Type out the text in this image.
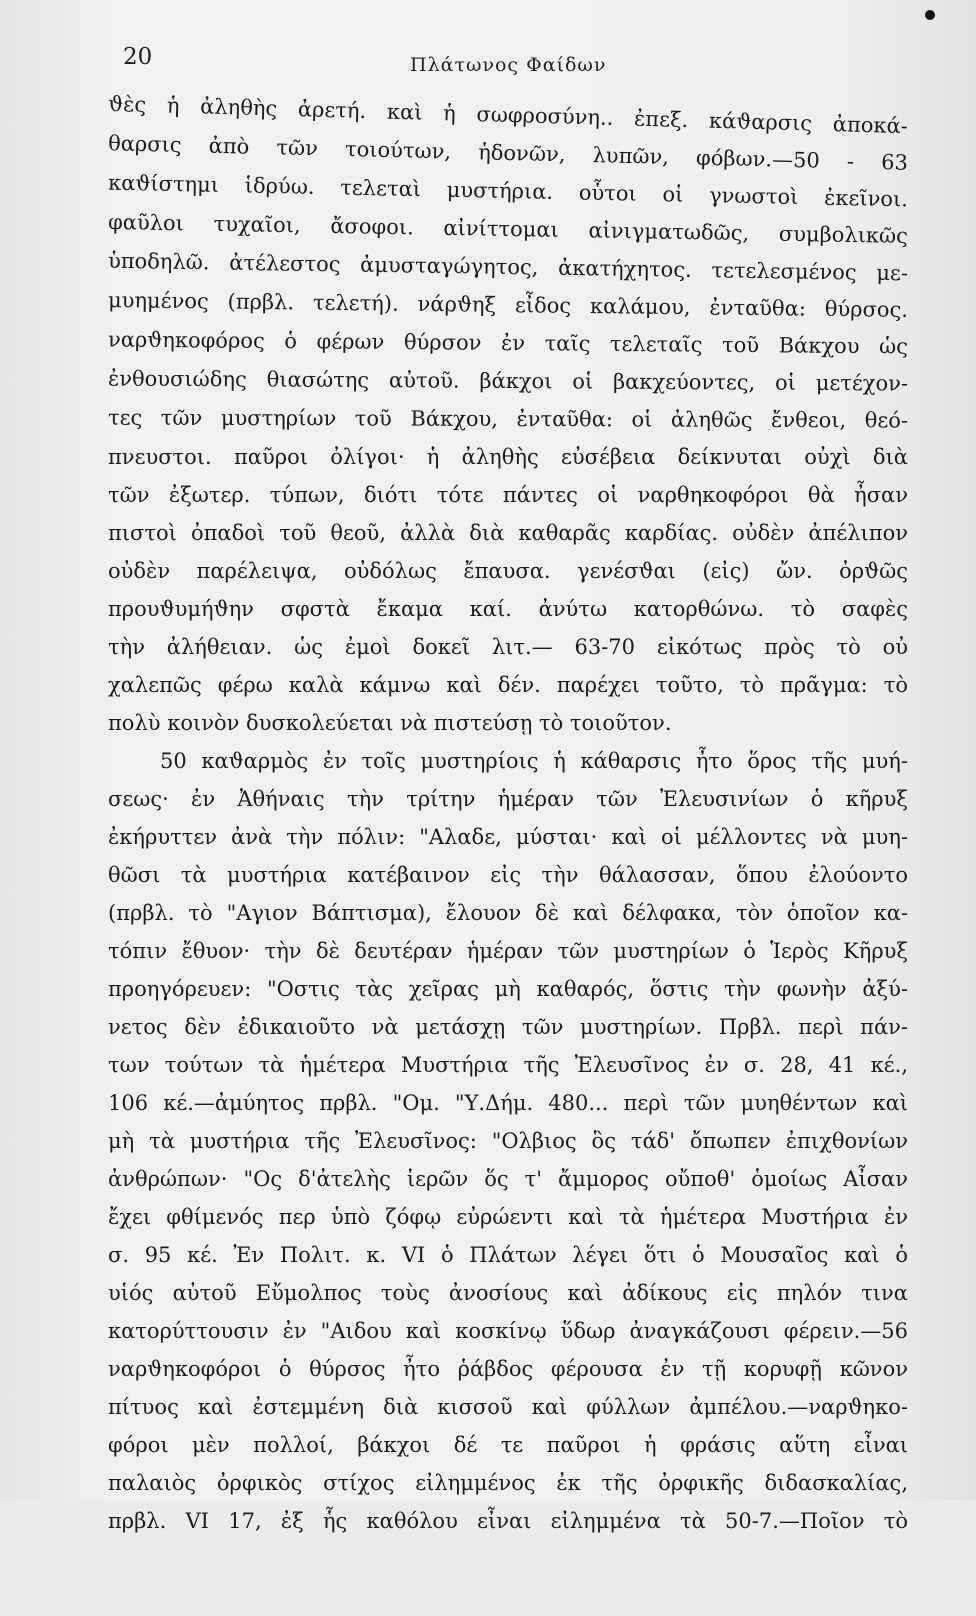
20	Πλάτωνος Φαίδων
ϑὲς ἡ ἀληθὴς ἀρετή. καὶ ἡ σωφροσύνη.. ἐπεξ. κάϑαρσις ἀποκά-
θαρσις ἀπὸ τῶν τοιούτων, ἡδονῶν, λυπῶν, φόβων.—50 - 63
καϑίστημι ἱδρύω. τελεταὶ μυστήρια. οὗτοι οἱ γνωστοὶ ἐκεῖνοι.
φαῦλοι τυχαῖοι, ἄσοφοι. αἰνίττομαι αἰνιγματωδῶς, συμβολικῶς
ὑποδηλῶ. ἀτέλεστος ἀμυσταγώγητος, ἀκατήχητος. τετελεσμένος με-
μυημένος (πρβλ. τελετή). νάρϑηξ εἶδος καλάμου, ἐνταῦθα: θύρσος.
ναρϑηκοφόρος ὁ φέρων θύρσον ἐν ταῖς τελεταῖς τοῦ Βάκχου ὡς
ἐνθουσιώδης θιασώτης αὐτοῦ. βάκχοι οἱ βακχεύοντες, οἱ μετέχον-
τες τῶν μυστηρίων τοῦ Βάκχου, ἐνταῦθα: οἱ ἀληθῶς ἔνθεοι, θεό-
πνευστοι. παῦροι ὀλίγοι· ἡ ἀληθὴς εὐσέβεια δείκνυται οὐχὶ διὰ
τῶν ἐξωτερ. τύπων, διότι τότε πάντες οἱ ναρθηκοφόροι θὰ ἦσαν
πιστοὶ ὀπαδοὶ τοῦ θεοῦ, ἀλλὰ διὰ καθαρᾶς καρδίας. οὐδὲν ἀπέλιπον
οὐδὲν παρέλειψα, οὐδόλως ἔπαυσα. γενέσϑαι (εἰς) ὤν. ὀρϑῶς
προυϑυμήϑην σφστὰ ἔκαμα καί. ἀνύτω κατορθώνω. τὸ σαφὲς
τὴν ἀλήθειαν. ὡς ἐμοὶ δοκεῖ λιτ.— 63-70 εἰκότως πρὸς τὸ οὐ
χαλεπῶς φέρω καλὰ κάμνω καὶ δέν. παρέχει τοῦτο, τὸ πρᾶγμα: τὸ
πολὺ κοινὸν δυσκολεύεται νὰ πιστεύσῃ τὸ τοιοῦτον.
50 καϑαρμὸς ἐν τοῖς μυστηρίοις ἡ κάθαρσις ἦτο ὅρος τῆς μυή-
σεως· ἐν Ἀθήναις τὴν τρίτην ἡμέραν τῶν Ἐλευσινίων ὁ κῆρυξ
ἐκήρυττεν ἀνὰ τὴν πόλιν: "Αλαδε, μύσται· καὶ οἱ μέλλοντες νὰ μυη-
θῶσι τὰ μυστήρια κατέβαινον εἰς τὴν θάλασσαν, ὅπου ἐλούοντο
(πρβλ. τὸ "Αγιον Βάπτισμα), ἔλουον δὲ καὶ δέλφακα, τὸν ὁποῖον κα-
τόπιν ἔθυον· τὴν δὲ δευτέραν ἡμέραν τῶν μυστηρίων ὁ Ἱερὸς Κῆρυξ
προηγόρευεν: "Οστις τὰς χεῖρας μὴ καθαρός, ὅστις τὴν φωνὴν ἀξύ-
νετος δὲν ἐδικαιοῦτο νὰ μετάσχῃ τῶν μυστηρίων. Πρβλ. περὶ πάν-
των τούτων τὰ ἡμέτερα Μυστήρια τῆς Ἐλευσῖνος ἐν σ. 28, 41 κέ.,
106 κέ.—ἀμύητος πρβλ. "Ομ. "Υ.Δήμ. 480... περὶ τῶν μυηθέντων καὶ
μὴ τὰ μυστήρια τῆς Ἐλευσῖνος: "Ολβιος ὃς τάδ' ὄπωπεν ἐπιχθονίων
ἀνθρώπων· "Ος δ'ἀτελὴς ἱερῶν ὅς τ' ἄμμορος οὔποθ' ὁμοίως Αἶσαν
ἔχει φθίμενός περ ὑπὸ ζόφῳ εὐρώεντι καὶ τὰ ἡμέτερα Μυστήρια ἐν
σ. 95 κέ. Ἐν Πολιτ. κ. VI ὁ Πλάτων λέγει ὅτι ὁ Μουσαῖος καὶ ὁ
υἱός αὐτοῦ Εὔμολπος τοὺς ἀνοσίους καὶ ἀδίκους εἰς πηλόν τινα
κατορύττουσιν ἐν "Αιδου καὶ κοσκίνῳ ὕδωρ ἀναγκάζουσι φέρειν.—56
ναρϑηκοφόροι ὁ θύρσος ἦτο ῥάβδος φέρουσα ἐν τῇ κορυφῇ κῶνον
πίτυος καὶ ἐστεμμένη διὰ κισσοῦ καὶ φύλλων ἀμπέλου.—ναρϑηκο-
φόροι μὲν πολλοί, βάκχοι δέ τε παῦροι ἡ φράσις αὕτη εἶναι
παλαιὸς ὀρφικὸς στίχος εἰλημμένος ἐκ τῆς ὀρφικῆς διδασκαλίας,
πρβλ. VI 17, ἐξ ἧς καθόλου εἶναι εἰλημμένα τὰ 50-7.—Ποῖον τὸ
